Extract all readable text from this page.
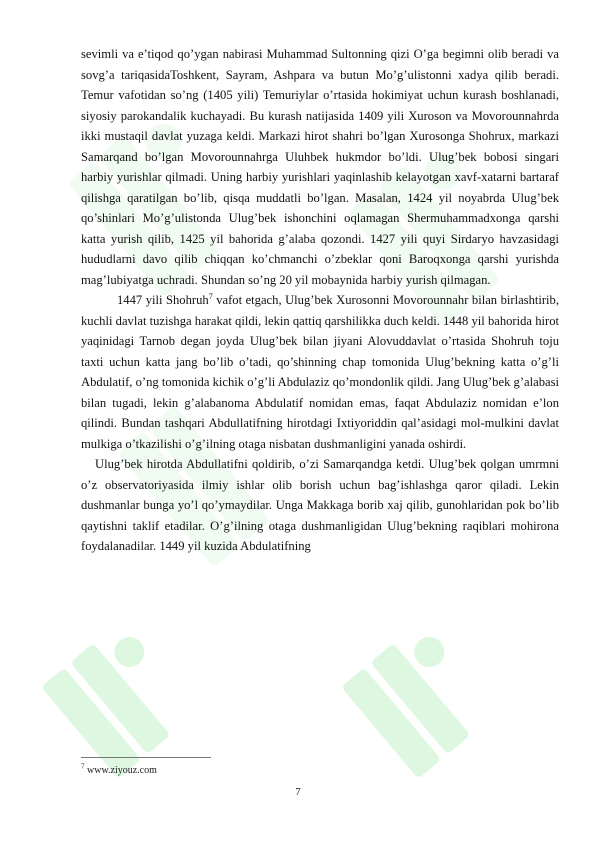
sevimli va e’tiqod qo’ygan nabirasi Muhammad Sultonning qizi O’ga begimni olib beradi va sovg’a tariqasidaToshkent, Sayram, Ashpara va butun Mo’g’ulistonni xadya qilib beradi. Temur vafotidan so’ng (1405 yili) Temuriylar o’rtasida hokimiyat uchun kurash boshlanadi, siyosiy parokandalik kuchayadi. Bu kurash natijasida 1409 yili Xuroson va Movorounnahrda ikki mustaqil davlat yuzaga keldi. Markazi hirot shahri bo’lgan Xurosonga Shohrux, markazi Samarqand bo’lgan Movorounnahrga Uluhbek hukmdor bo’ldi. Ulug’bek bobosi singari harbiy yurishlar qilmadi. Uning harbiy yurishlari yaqinlashib kelayotgan xavf-xatarni bartaraf qilishga qaratilgan bo’lib, qisqa muddatli bo’lgan. Masalan, 1424 yil noyabrda Ulug’bek qo’shinlari Mo’g’ulistonda Ulug’bek ishonchini oqlamagan Shermuhammadxonga qarshi katta yurish qilib, 1425 yil bahorida g’alaba qozondi. 1427 yili quyi Sirdaryo havzasidagi hududlarni davo qilib chiqqan ko’chmanchi o’zbeklar qoni Baroqxonga qarshi yurishda mag’lubiyatga uchradi. Shundan so’ng 20 yil mobaynida harbiy yurish qilmagan.

1447 yili Shohruh$^7$ vafot etgach, Ulug’bek Xurosonni Movorounnahr bilan birlashtirib, kuchli davlat tuzishga harakat qildi, lekin qattiq qarshilikka duch keldi. 1448 yil bahorida hirot yaqinidagi Tarnob degan joyda Ulug’bek bilan jiyani Alovuddavlat o’rtasida Shohruh toju taxti uchun katta jang bo’lib o’tadi, qo’shinning chap tomonida Ulug’bekning katta o’g’li Abdulatif, o’ng tomonida kichik o’g’li Abdulaziz qo’mondonlik qildi. Jang Ulug’bek g’alabasi bilan tugadi, lekin g’alabanoma Abdulatif nomidan emas, faqat Abdulaziz nomidan e’lon qilindi. Bundan tashqari Abdullatifning hirotdagi Ixtiyoriddin qal’asidagi mol-mulkini davlat mulkiga o’tkazilishi o’g’ilning otaga nisbatan dushmanligini yanada oshirdi.

Ulug’bek hirotda Abdullatifni qoldirib, o’zi Samarqandga ketdi. Ulug’bek qolgan umrmni o’z observatoriyasida ilmiy ishlar olib borish uchun bag’ishlashga qaror qiladi. Lekin dushmanlar bunga yo’l qo’ymaydilar. Unga Makkaga borib xaj qilib, gunohlaridan pok bo’lib qaytishni taklif etadilar. O’g’ilning otaga dushmanligidan Ulug’bekning raqiblari mohirona foydalanadilar. 1449 yil kuzida Abdulatifning

$^7$ www.ziyouz.com
7
